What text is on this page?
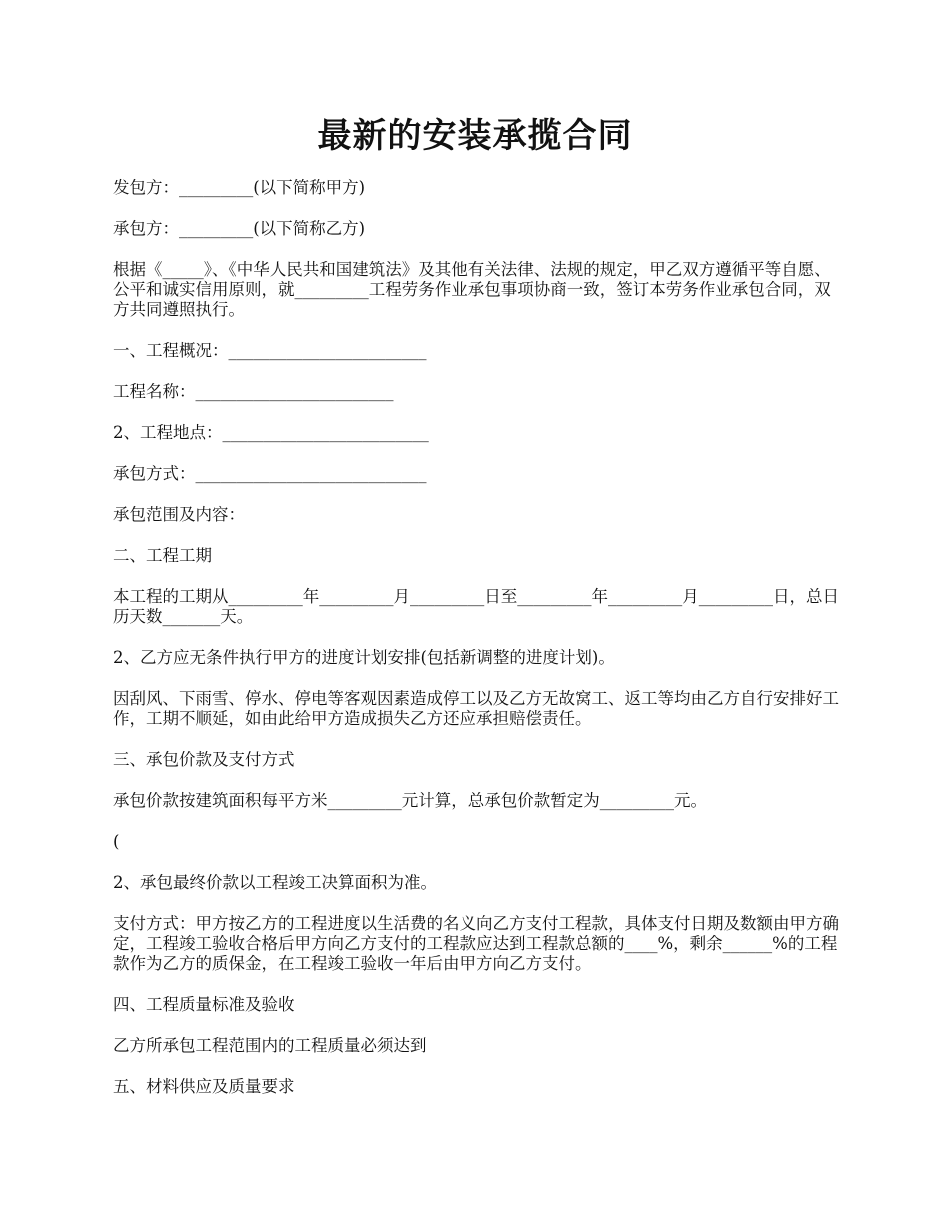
最新的安装承揽合同

发包方：_________(以下简称甲方)

承包方：_________(以下简称乙方)

根据《_____》、《中华人民共和国建筑法》及其他有关法律、法规的规定，甲乙双方遵循平等自愿、公平和诚实信用原则，就_________工程劳务作业承包事项协商一致，签订本劳务作业承包合同，双方共同遵照执行。

一、工程概况：________________________

工程名称：________________________

2、工程地点：_________________________

承包方式：____________________________

承包范围及内容：

二、工程工期

本工程的工期从_________年_________月_________日至_________年_________月_________日，总日历天数_______天。

2、乙方应无条件执行甲方的进度计划安排(包括新调整的进度计划)。

因刮风、下雨雪、停水、停电等客观因素造成停工以及乙方无故窝工、返工等均由乙方自行安排好工作，工期不顺延，如由此给甲方造成损失乙方还应承担赔偿责任。

三、承包价款及支付方式

承包价款按建筑面积每平方米_________元计算，总承包价款暂定为_________元。

(

2、承包最终价款以工程竣工决算面积为准。

支付方式：甲方按乙方的工程进度以生活费的名义向乙方支付工程款，具体支付日期及数额由甲方确定，工程竣工验收合格后甲方向乙方支付的工程款应达到工程款总额的____%，剩余______%的工程款作为乙方的质保金，在工程竣工验收一年后由甲方向乙方支付。

四、工程质量标准及验收

乙方所承包工程范围内的工程质量必须达到

五、材料供应及质量要求
